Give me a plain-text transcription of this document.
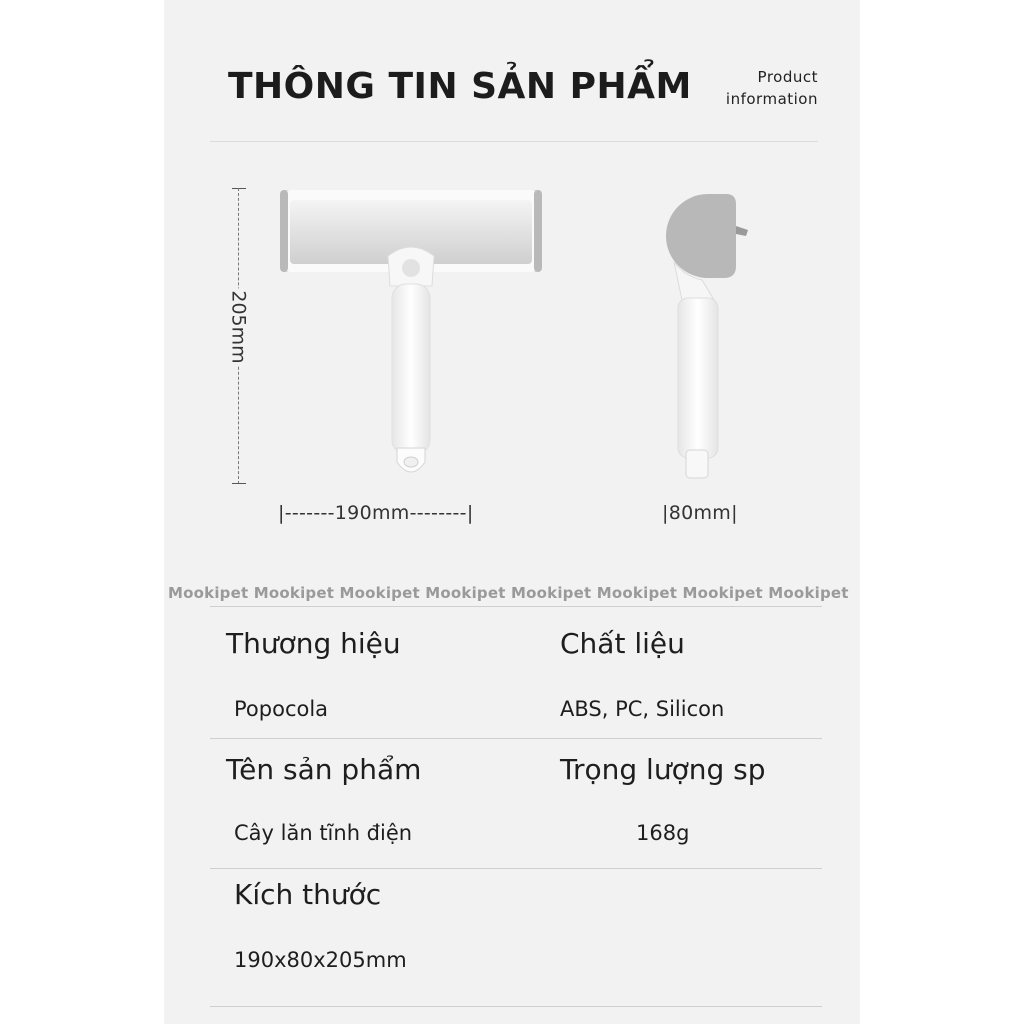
THÔNG TIN SẢN PHẨM	Product
information
205mm
|-------190mm--------|	|80mm|
Mookipet Mookipet Mookipet Mookipet Mookipet Mookipet Mookipet Mookipet
Thương hiệu
Popocola
Chất liệu
ABS, PC, Silicon
Tên sản phẩm
Cây lăn tĩnh điện
Trọng lượng sp
168g
Kích thước
190x80x205mm
